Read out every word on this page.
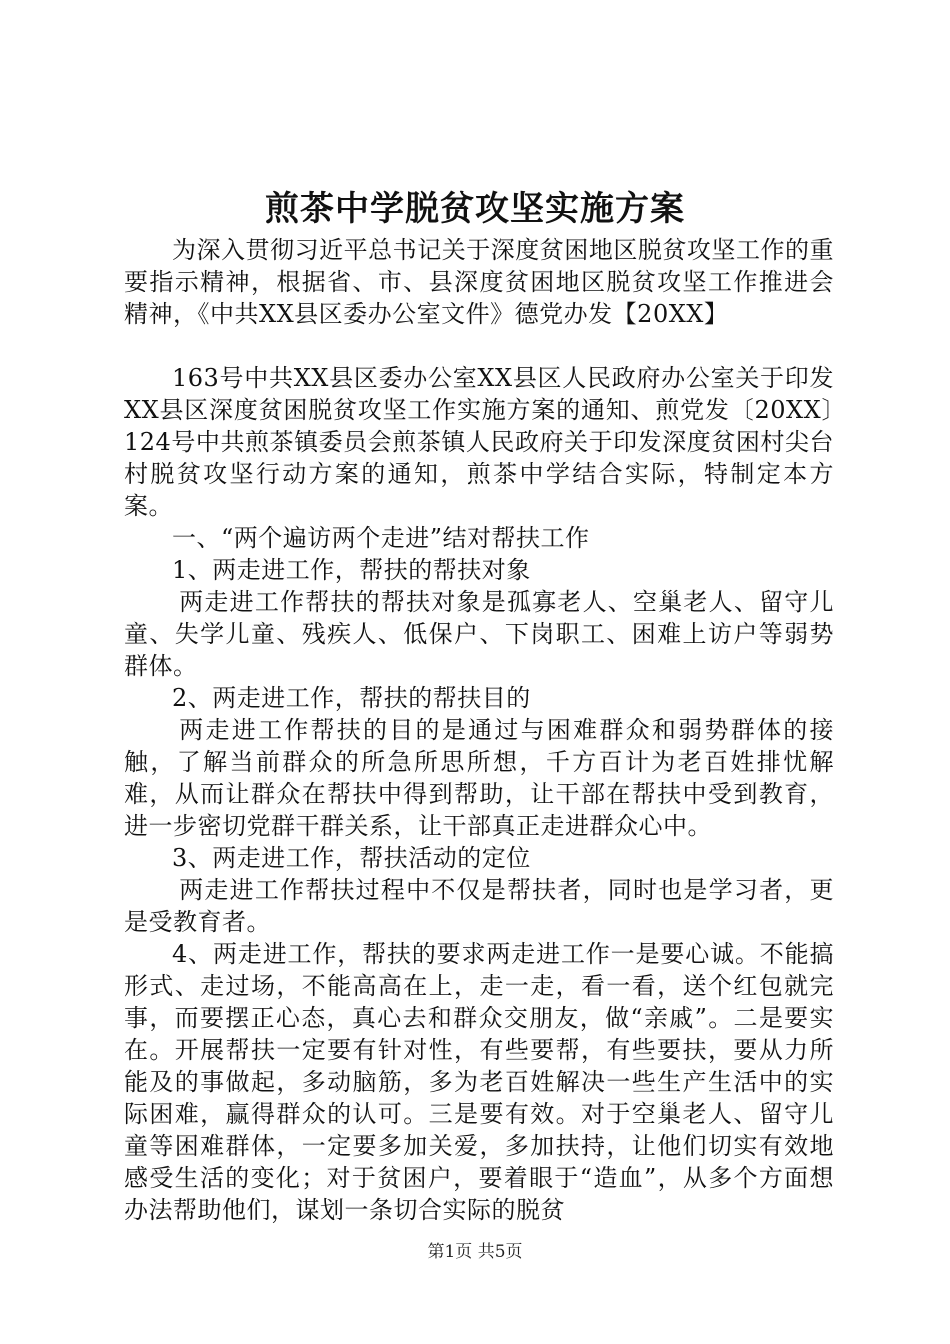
煎茶中学脱贫攻坚实施方案

为深入贯彻习近平总书记关于深度贫困地区脱贫攻坚工作的重要指示精神，根据省、市、县深度贫困地区脱贫攻坚工作推进会精神，《中共XX县区委办公室文件》德党办发【20XX】

163号中共XX县区委办公室XX县区人民政府办公室关于印发XX县区深度贫困脱贫攻坚工作实施方案的通知、煎党发〔20XX〕124号中共煎茶镇委员会煎茶镇人民政府关于印发深度贫困村尖台村脱贫攻坚行动方案的通知，煎茶中学结合实际，特制定本方案。

一、“两个遍访两个走进”结对帮扶工作

1、两走进工作，帮扶的帮扶对象

两走进工作帮扶的帮扶对象是孤寡老人、空巢老人、留守儿童、失学儿童、残疾人、低保户、下岗职工、困难上访户等弱势群体。

2、两走进工作，帮扶的帮扶目的

两走进工作帮扶的目的是通过与困难群众和弱势群体的接触，了解当前群众的所急所思所想，千方百计为老百姓排忧解难，从而让群众在帮扶中得到帮助，让干部在帮扶中受到教育，进一步密切党群干群关系，让干部真正走进群众心中。

3、两走进工作，帮扶活动的定位

两走进工作帮扶过程中不仅是帮扶者，同时也是学习者，更是受教育者。

4、两走进工作，帮扶的要求两走进工作一是要心诚。不能搞形式、走过场，不能高高在上，走一走，看一看，送个红包就完事，而要摆正心态，真心去和群众交朋友，做“亲戚”。二是要实在。开展帮扶一定要有针对性，有些要帮，有些要扶，要从力所能及的事做起，多动脑筋，多为老百姓解决一些生产生活中的实际困难，赢得群众的认可。三是要有效。对于空巢老人、留守儿童等困难群体，一定要多加关爱，多加扶持，让他们切实有效地感受生活的变化；对于贫困户，要着眼于“造血”，从多个方面想办法帮助他们，谋划一条切合实际的脱贫

第1页 共5页
